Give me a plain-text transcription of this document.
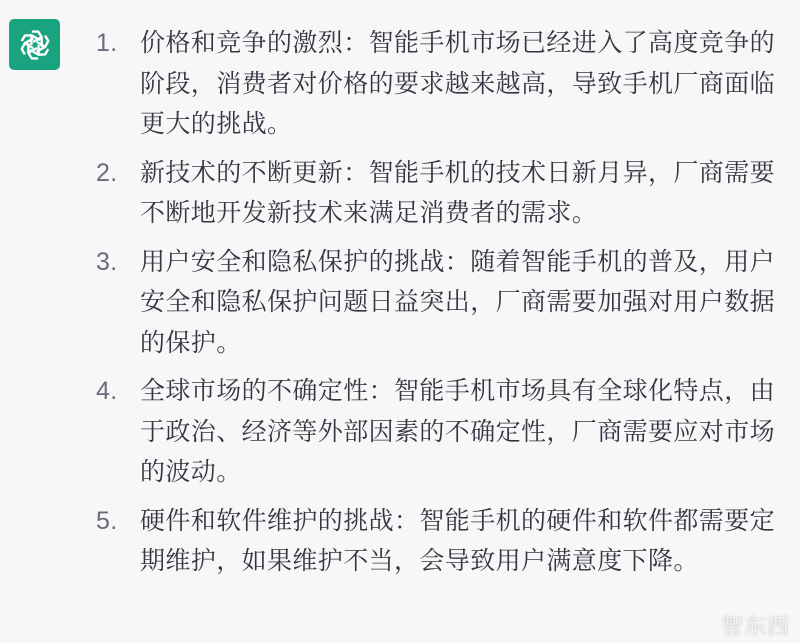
1. 价格和竞争的激烈：智能手机市场已经进入了高度竞争的阶段，消费者对价格的要求越来越高，导致手机厂商面临更大的挑战。
2. 新技术的不断更新：智能手机的技术日新月异，厂商需要不断地开发新技术来满足消费者的需求。
3. 用户安全和隐私保护的挑战：随着智能手机的普及，用户安全和隐私保护问题日益突出，厂商需要加强对用户数据的保护。
4. 全球市场的不确定性：智能手机市场具有全球化特点，由于政治、经济等外部因素的不确定性，厂商需要应对市场的波动。
5. 硬件和软件维护的挑战：智能手机的硬件和软件都需要定期维护，如果维护不当，会导致用户满意度下降。
智东西
